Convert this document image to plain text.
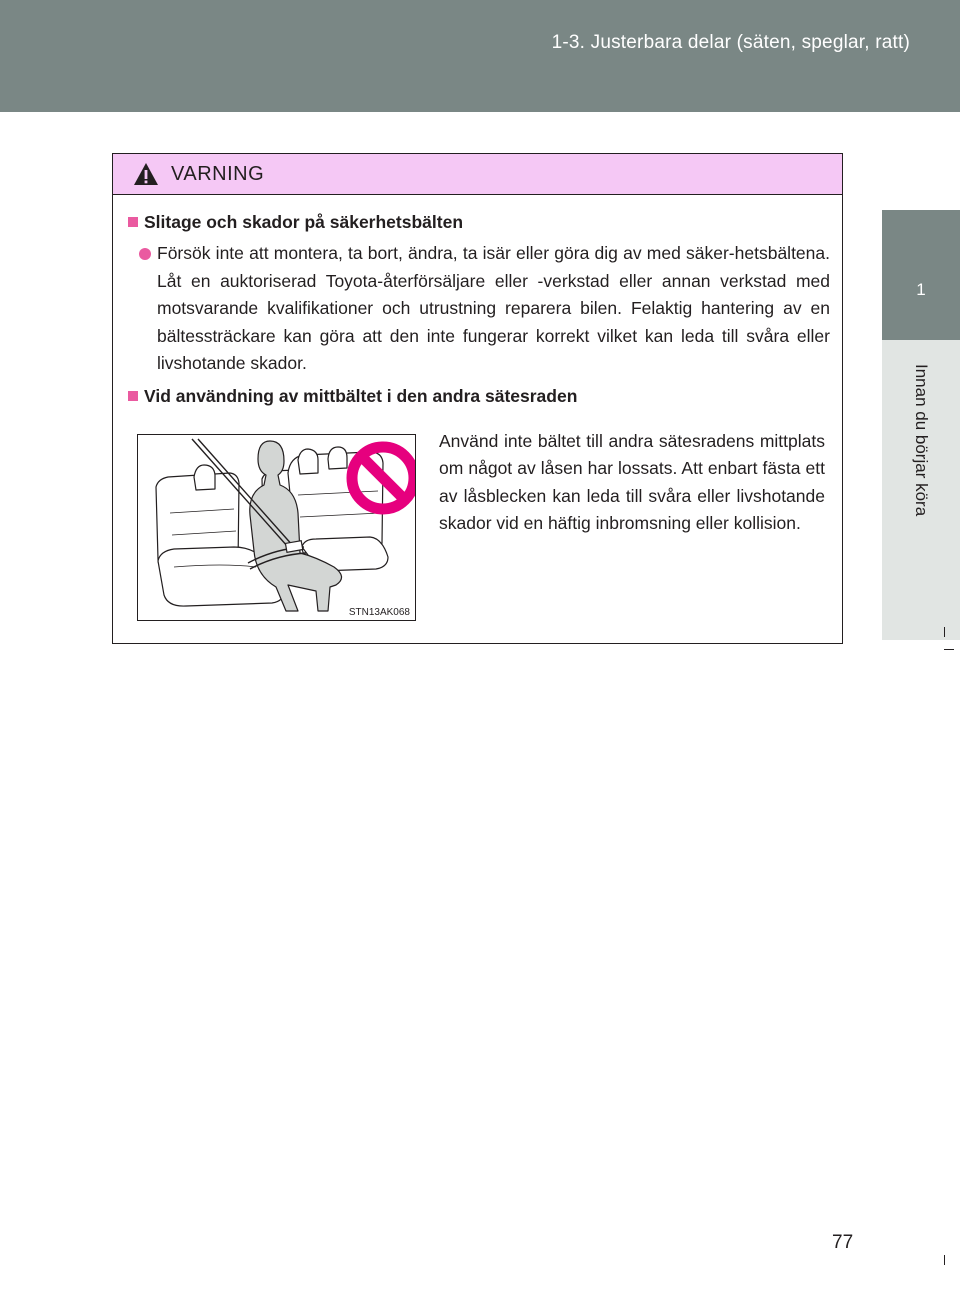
1-3. Justerbara delar (säten, speglar, ratt)
1
Innan du börjar köra
VARNING
Slitage och skador på säkerhetsbälten
Försök inte att montera, ta bort, ändra, ta isär eller göra dig av med säker-hetsbältena. Låt en auktoriserad Toyota-återförsäljare eller -verkstad eller annan verkstad med motsvarande kvalifikationer och utrustning reparera bilen. Felaktig hantering av en bältessträckare kan göra att den inte fungerar korrekt vilket kan leda till svåra eller livshotande skador.
Vid användning av mittbältet i den andra sätesraden
STN13AK068
Använd inte bältet till andra sätesradens mittplats om något av låsen har lossats. Att enbart fästa ett av låsblecken kan leda till svåra eller livshotande skador vid en häftig inbromsning eller kollision.
77
